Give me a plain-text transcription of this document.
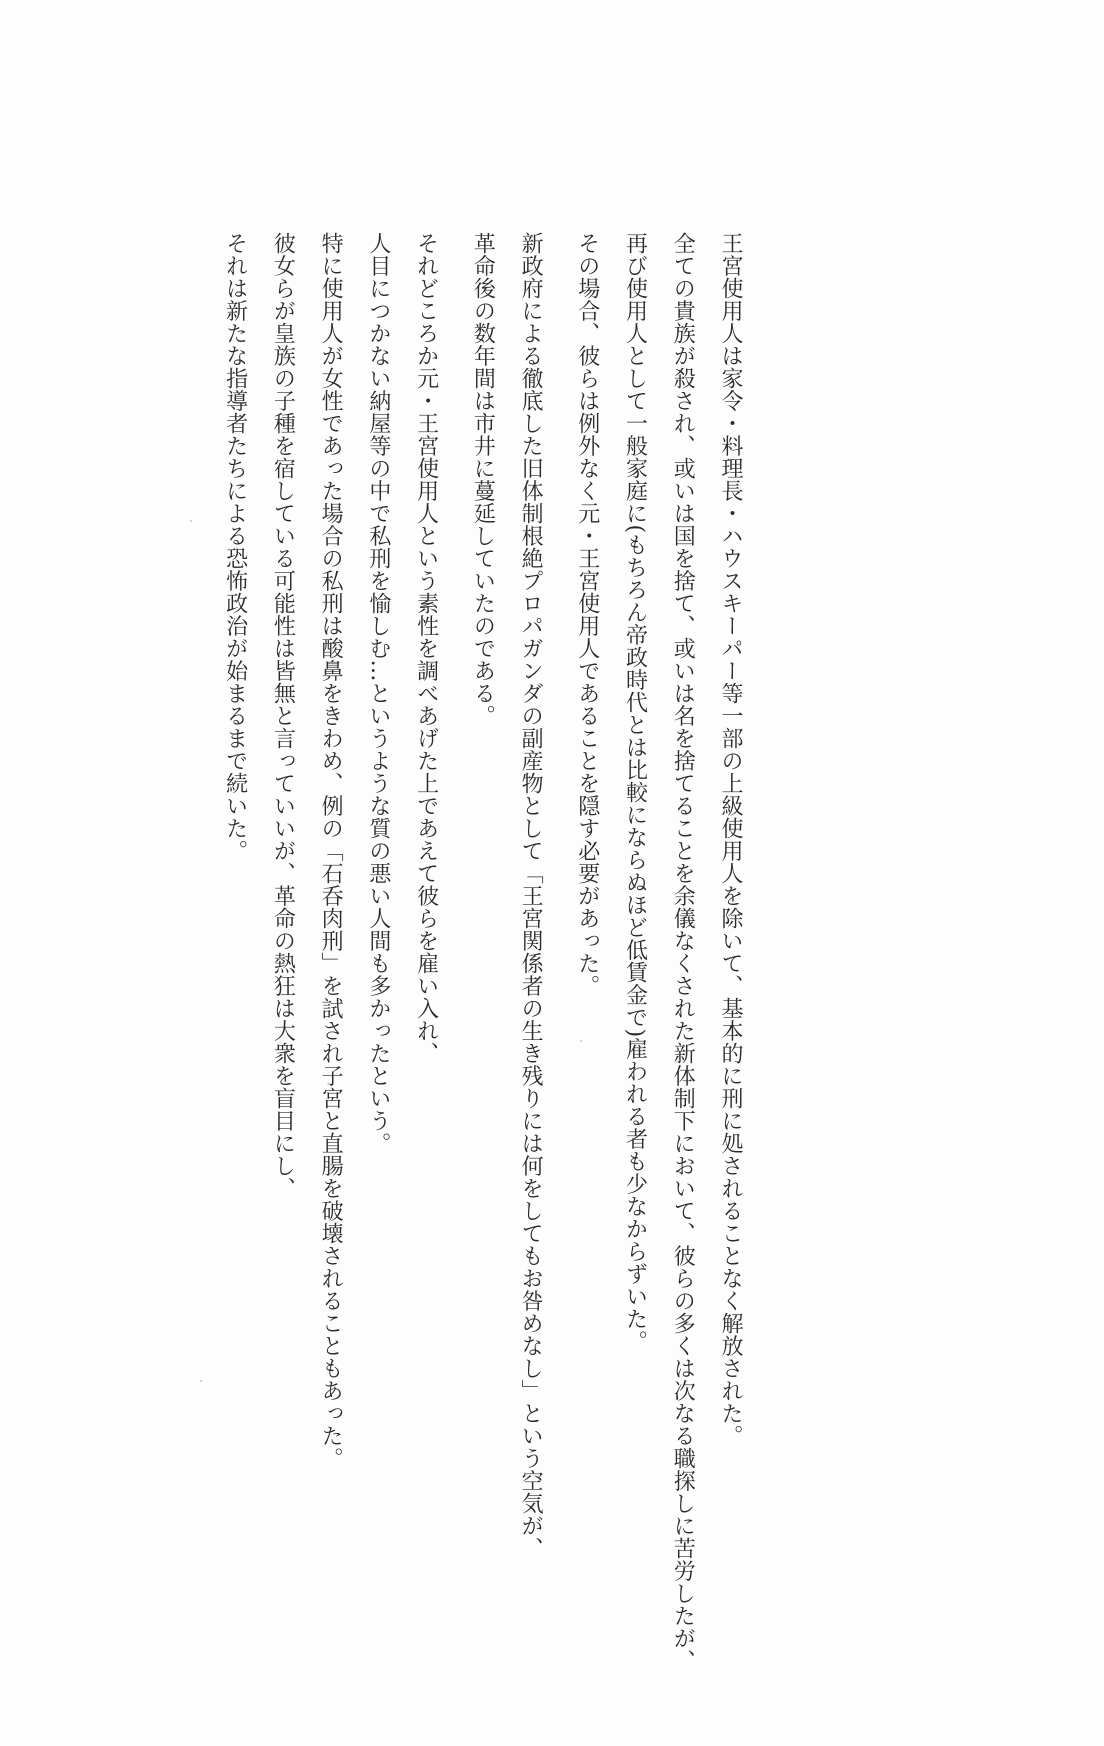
王宮使用人は家令・料理長・ハウスキーパー等一部の上級使用人を除いて、基本的に刑に処されることなく解放された。
全ての貴族が殺され、或いは国を捨て、或いは名を捨てることを余儀なくされた新体制下において、彼らの多くは次なる職探しに苦労したが、
再び使用人として一般家庭に(もちろん帝政時代とは比較にならぬほど低賃金で)雇われる者も少なからずいた。
その場合、彼らは例外なく元・王宮使用人であることを隠す必要があった。
新政府による徹底した旧体制根絶プロパガンダの副産物として「王宮関係者の生き残りには何をしてもお咎めなし」という空気が、
革命後の数年間は市井に蔓延していたのである。
それどころか元・王宮使用人という素性を調べあげた上であえて彼らを雇い入れ、
人目につかない納屋等の中で私刑を愉しむ…というような質の悪い人間も多かったという。
特に使用人が女性であった場合の私刑は酸鼻をきわめ、例の「石呑肉刑」を試され子宮と直腸を破壊されることもあった。
彼女らが皇族の子種を宿している可能性は皆無と言っていいが、革命の熱狂は大衆を盲目にし、
それは新たな指導者たちによる恐怖政治が始まるまで続いた。
